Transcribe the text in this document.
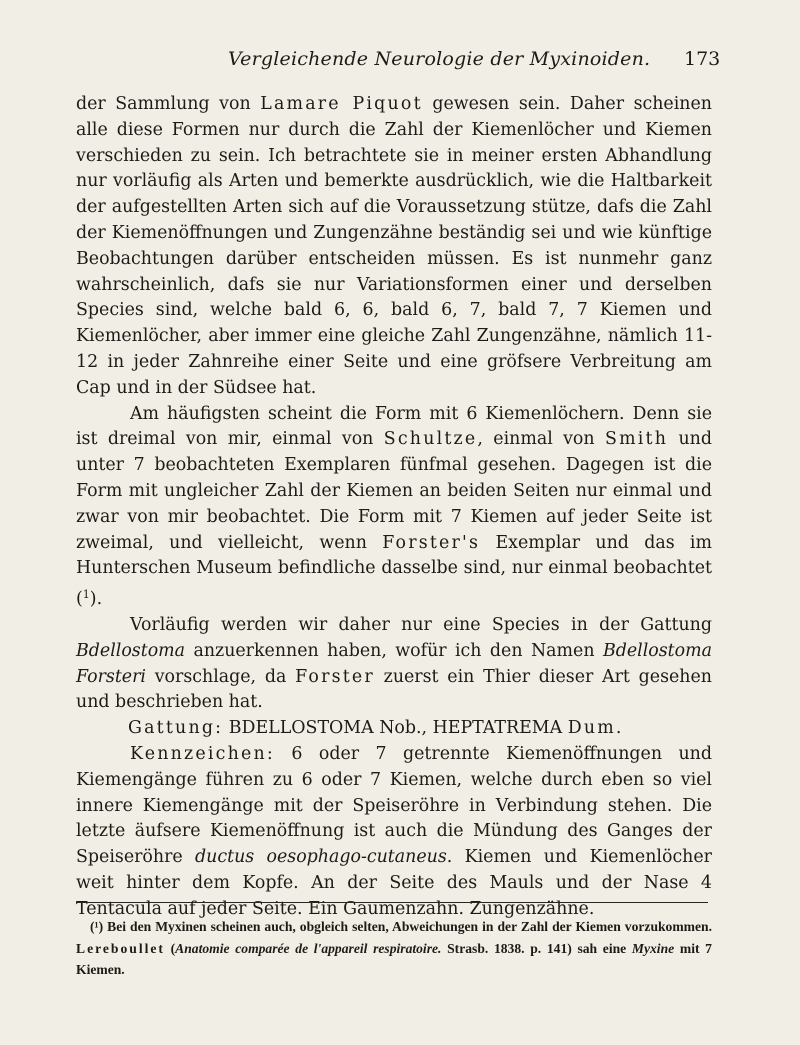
Vergleichende Neurologie der Myxinoiden. 173

der Sammlung von Lamare Piquot gewesen sein. Daher scheinen alle diese Formen nur durch die Zahl der Kiemenlöcher und Kiemen verschieden zu sein. Ich betrachtete sie in meiner ersten Abhandlung nur vorläufig als Arten und bemerkte ausdrücklich, wie die Haltbarkeit der aufgestellten Arten sich auf die Voraussetzung stütze, dafs die Zahl der Kiemenöffnungen und Zungenzähne beständig sei und wie künftige Beobachtungen darüber entscheiden müssen. Es ist nunmehr ganz wahrscheinlich, dafs sie nur Variationsformen einer und derselben Species sind, welche bald 6, 6, bald 6, 7, bald 7, 7 Kiemen und Kiemenlöcher, aber immer eine gleiche Zahl Zungenzähne, nämlich 11-12 in jeder Zahnreihe einer Seite und eine gröfsere Verbreitung am Cap und in der Südsee hat.

Am häufigsten scheint die Form mit 6 Kiemenlöchern. Denn sie ist dreimal von mir, einmal von Schultze, einmal von Smith und unter 7 beobachteten Exemplaren fünfmal gesehen. Dagegen ist die Form mit ungleicher Zahl der Kiemen an beiden Seiten nur einmal und zwar von mir beobachtet. Die Form mit 7 Kiemen auf jeder Seite ist zweimal, und vielleicht, wenn Forster's Exemplar und das im Hunterschen Museum befindliche dasselbe sind, nur einmal beobachtet ($^1$).

Vorläufig werden wir daher nur eine Species in der Gattung Bdellostoma anzuerkennen haben, wofür ich den Namen Bdellostoma Forsteri vorschlage, da Forster zuerst ein Thier dieser Art gesehen und beschrieben hat.

Gattung: BDELLOSTOMA Nob., HEPTATREMA Dum.

Kennzeichen: 6 oder 7 getrennte Kiemenöffnungen und Kiemengänge führen zu 6 oder 7 Kiemen, welche durch eben so viel innere Kiemengänge mit der Speiseröhre in Verbindung stehen. Die letzte äufsere Kiemenöffnung ist auch die Mündung des Ganges der Speiseröhre ductus oesophago-cutaneus. Kiemen und Kiemenlöcher weit hinter dem Kopfe. An der Seite des Mauls und der Nase 4 Tentacula auf jeder Seite. Ein Gaumenzahn. Zungenzähne.

(¹) Bei den Myxinen scheinen auch, obgleich selten, Abweichungen in der Zahl der Kiemen vorzukommen. Lereboullet (Anatomie comparée de l'appareil respiratoire. Strasb. 1838. p. 141) sah eine Myxine mit 7 Kiemen.
